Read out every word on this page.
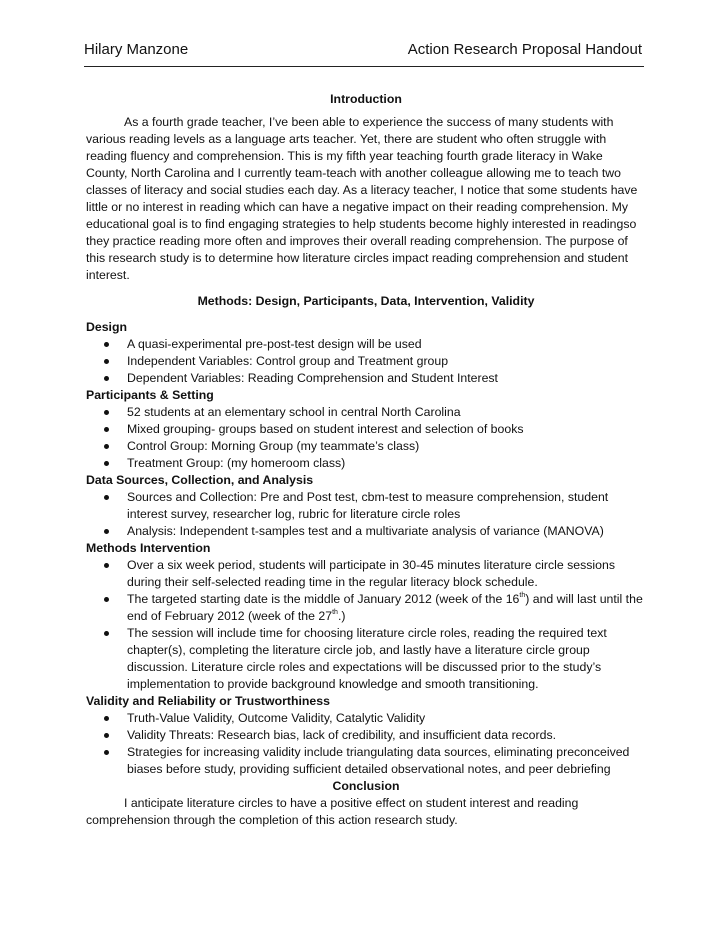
Hilary Manzone	Action Research Proposal Handout

Introduction

As a fourth grade teacher, I’ve been able to experience the success of many students with various reading levels as a language arts teacher. Yet, there are student who often struggle with reading fluency and comprehension. This is my fifth year teaching fourth grade literacy in Wake County, North Carolina and I currently team-teach with another colleague allowing me to teach two classes of literacy and social studies each day. As a literacy teacher, I notice that some students have little or no interest in reading which can have a negative impact on their reading comprehension. My educational goal is to find engaging strategies to help students become highly interested in readingso they practice reading more often and improves their overall reading comprehension. The purpose of this research study is to determine how literature circles impact reading comprehension and student interest.

Methods: Design, Participants, Data, Intervention, Validity

Design

A quasi-experimental pre-post-test design will be used
Independent Variables: Control group and Treatment group
Dependent Variables: Reading Comprehension and Student Interest

Participants & Setting

52 students at an elementary school in central North Carolina
Mixed grouping- groups based on student interest and selection of books
Control Group: Morning Group (my teammate’s class)
Treatment Group: (my homeroom class)

Data Sources, Collection, and Analysis

Sources and Collection: Pre and Post test, cbm-test to measure comprehension, student interest survey, researcher log, rubric for literature circle roles
Analysis: Independent t-samples test and a multivariate analysis of variance (MANOVA)

Methods Intervention

Over a six week period, students will participate in 30-45 minutes literature circle sessions during their self-selected reading time in the regular literacy block schedule.
The targeted starting date is the middle of January 2012 (week of the 16th) and will last until the end of February 2012 (week of the 27th.)
The session will include time for choosing literature circle roles, reading the required text chapter(s), completing the literature circle job, and lastly have a literature circle group discussion. Literature circle roles and expectations will be discussed prior to the study’s implementation to provide background knowledge and smooth transitioning.

Validity and Reliability or Trustworthiness

Truth-Value Validity, Outcome Validity, Catalytic Validity
Validity Threats: Research bias, lack of credibility, and insufficient data records.
Strategies for increasing validity include triangulating data sources, eliminating preconceived biases before study, providing sufficient detailed observational notes, and peer debriefing

Conclusion

I anticipate literature circles to have a positive effect on student interest and reading comprehension through the completion of this action research study.
